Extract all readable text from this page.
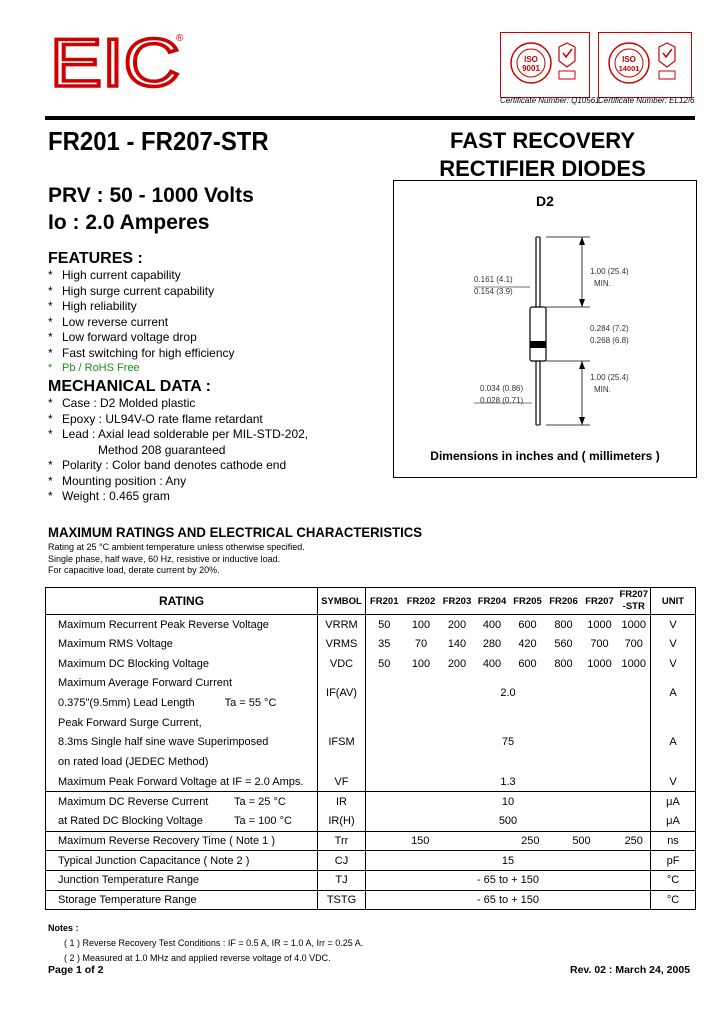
EIC
®
ISO
9001
ISO
14001
Certificate Number: Q10561
Certificate Number: EL12/6
FR201 - FR207-STR	FAST RECOVERY
RECTIFIER DIODES
PRV : 50 - 1000 Volts
Io : 2.0 Amperes
FEATURES :
* High current capability
* High surge current capability
* High reliability
* Low reverse current
* Low forward voltage drop
* Fast switching for high efficiency
* Pb / RoHS Free
MECHANICAL DATA :
* Case : D2 Molded plastic
* Epoxy : UL94V-O rate flame retardant
* Lead : Axial lead solderable per MIL-STD-202,
Method 208 guaranteed
* Polarity : Color band denotes cathode end
* Mounting position : Any
* Weight : 0.465 gram
D2
0.161 (4.1)
0.154 (3.9)
1.00 (25.4)
MIN.
0.284 (7.2)
0.268 (6.8)
0.034 (0.86)
0.028 (0.71)
1.00 (25.4)
MIN.
Dimensions in inches and ( millimeters )
MAXIMUM RATINGS AND ELECTRICAL CHARACTERISTICS
Rating at 25 °C ambient temperature unless otherwise specified.
Single phase, half wave, 60 Hz, resistive or inductive load.
For capacitive load, derate current by 20%.
RATING	SYMBOL	FR201	FR202	FR203	FR204	FR205	FR206	FR207	FR207
-STR	UNIT
Maximum Recurrent Peak Reverse Voltage	VRRM	50	100	200	400	600	800	1000	1000	V
Maximum RMS Voltage	VRMS	35	70	140	280	420	560	700	700	V
Maximum DC Blocking Voltage	VDC	50	100	200	400	600	800	1000	1000	V
Maximum Average Forward Current	IF(AV)	2.0								A
0.375"(9.5mm) Lead Length Ta = 55 °C										
Peak Forward Surge Current,	IFSM	75								A
8.3ms Single half sine wave Superimposed										
on rated load (JEDEC Method)										
Maximum Peak Forward Voltage at IF = 2.0 Amps.	VF	1.3								V
Maximum DC Reverse Current Ta = 25 °C	IR	10								μA
at Rated DC Blocking Voltage Ta = 100 °C	IR(H)	500								μA
Maximum Reverse Recovery Time ( Note 1 )	Trr	150			250		500		250	ns
Typical Junction Capacitance ( Note 2 )	CJ	15								pF
Junction Temperature Range	TJ	- 65 to + 150								°C
Storage Temperature Range	TSTG	- 65 to + 150								°C
Notes :
( 1 ) Reverse Recovery Test Conditions : IF = 0.5 A, IR = 1.0 A, Irr = 0.25 A.
( 2 ) Measured at 1.0 MHz and applied reverse voltage of 4.0 VDC.
Page 1 of 2	Rev. 02 : March 24, 2005
